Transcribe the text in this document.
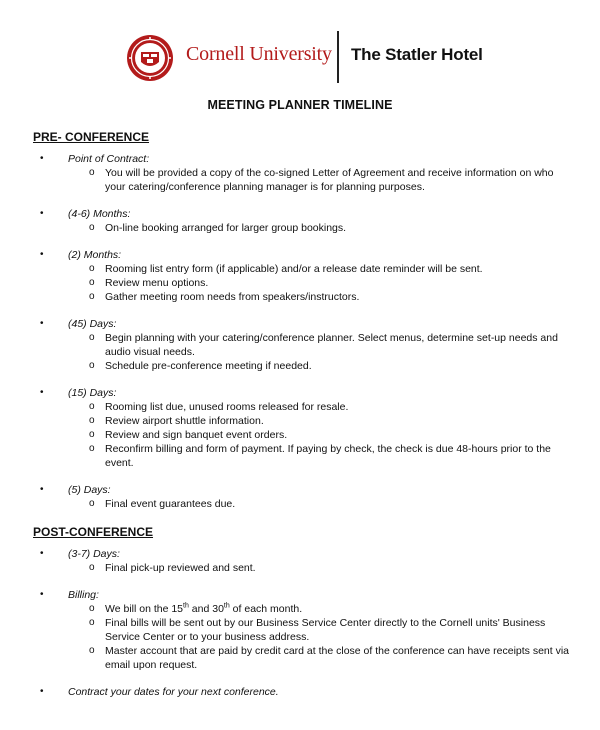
Cornell University The Statler Hotel
MEETING PLANNER TIMELINE
PRE- CONFERENCE
• Point of Contract:
o You will be provided a copy of the co-signed Letter of Agreement and receive information on who your catering/conference planning manager is for planning purposes.
• (4-6) Months:
o On-line booking arranged for larger group bookings.
• (2) Months:
o Rooming list entry form (if applicable) and/or a release date reminder will be sent.
o Review menu options.
o Gather meeting room needs from speakers/instructors.
• (45) Days:
o Begin planning with your catering/conference planner. Select menus, determine set-up needs and audio visual needs.
o Schedule pre-conference meeting if needed.
• (15) Days:
o Rooming list due, unused rooms released for resale.
o Review airport shuttle information.
o Review and sign banquet event orders.
o Reconfirm billing and form of payment. If paying by check, the check is due 48-hours prior to the event.
• (5) Days:
o Final event guarantees due.
POST-CONFERENCE
• (3-7) Days:
o Final pick-up reviewed and sent.
• Billing:
o We bill on the 15th and 30th of each month.
o Final bills will be sent out by our Business Service Center directly to the Cornell units' Business Service Center or to your business address.
o Master account that are paid by credit card at the close of the conference can have receipts sent via email upon request.
• Contract your dates for your next conference.
